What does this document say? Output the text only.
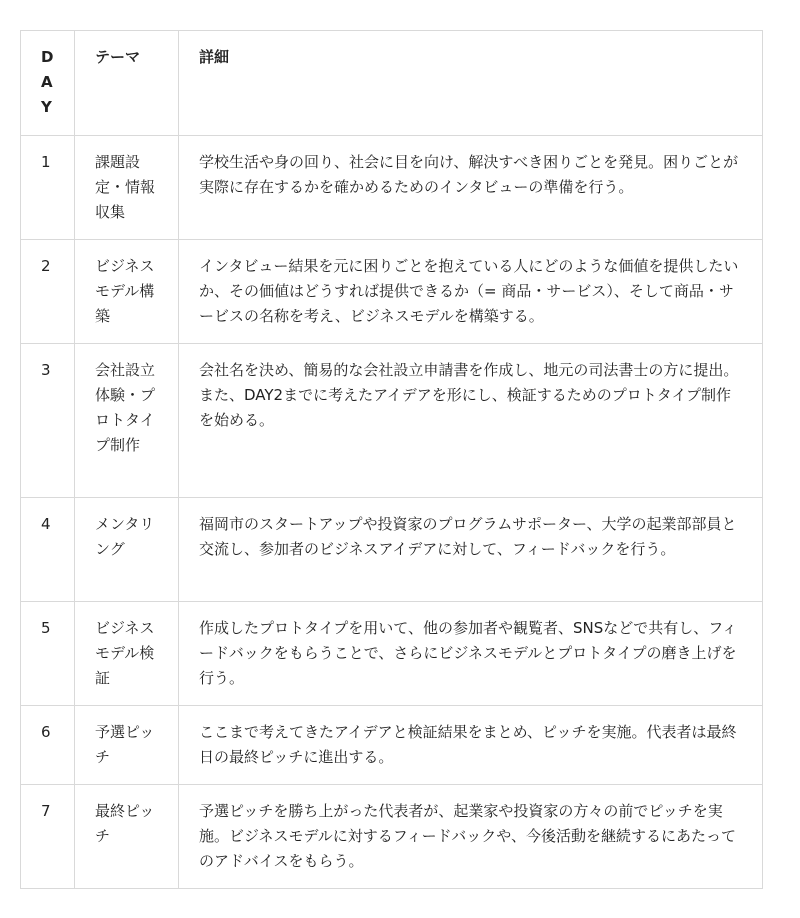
DAY	テーマ	詳細
1	課題設定・情報収集	学校生活や身の回り、社会に目を向け、解決すべき困りごとを発見。困りごとが実際に存在するかを確かめるためのインタビューの準備を行う。
2	ビジネスモデル構築	インタビュー結果を元に困りごとを抱えている人にどのような価値を提供したいか、その価値はどうすれば提供できるか（= 商品・サービス）、そして商品・サービスの名称を考え、ビジネスモデルを構築する。
3	会社設立体験・プロトタイプ制作	会社名を決め、簡易的な会社設立申請書を作成し、地元の司法書士の方に提出。また、DAY2までに考えたアイデアを形にし、検証するためのプロトタイプ制作を始める。
4	メンタリング	福岡市のスタートアップや投資家のプログラムサポーター、大学の起業部部員と交流し、参加者のビジネスアイデアに対して、フィードバックを行う。
5	ビジネスモデル検証	作成したプロトタイプを用いて、他の参加者や観覧者、SNSなどで共有し、フィードバックをもらうことで、さらにビジネスモデルとプロトタイプの磨き上げを行う。
6	予選ピッチ	ここまで考えてきたアイデアと検証結果をまとめ、ピッチを実施。代表者は最終日の最終ピッチに進出する。
7	最終ピッチ	予選ピッチを勝ち上がった代表者が、起業家や投資家の方々の前でピッチを実施。ビジネスモデルに対するフィードバックや、今後活動を継続するにあたってのアドバイスをもらう。
